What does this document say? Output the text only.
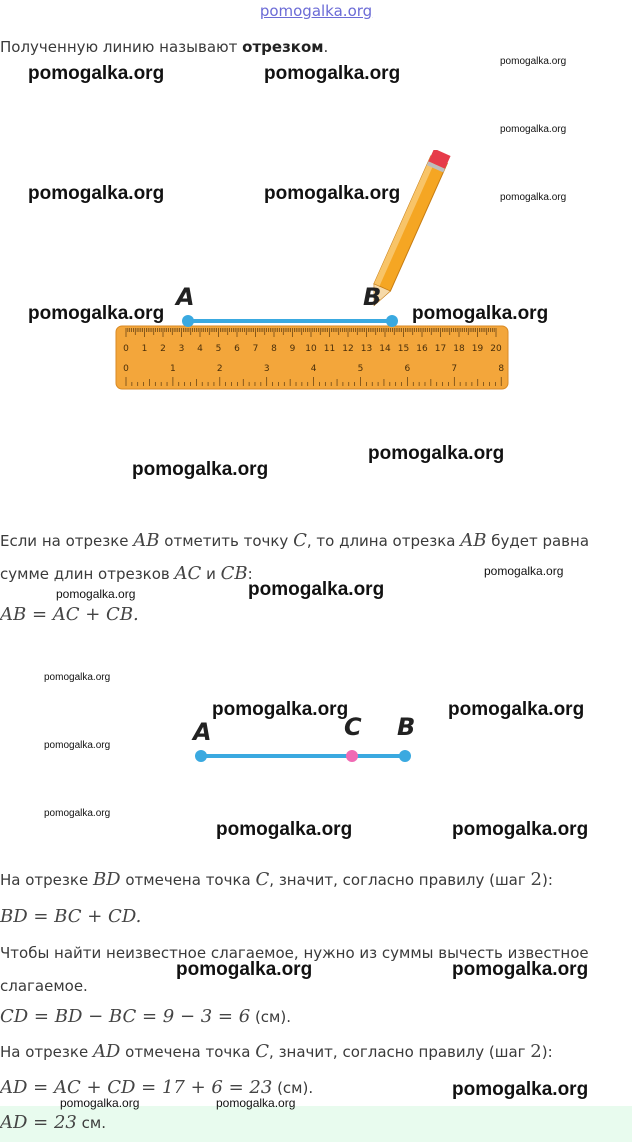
pomogalka.org
Полученную линию называют отрезком.
0 1 2 3 4 5 6 7 8 9 10 11 12 13 14 15 16 17 18 19 20
0	1	2	3	4	5	6	7	8
A	B
Если на отрезке AB отметить точку C, то длина отрезка AB будет равна
сумме длин отрезков AC и CB:
AB = AC + CB.
A	C B
На отрезке BD отмечена точка C, значит, согласно правилу (шаг 2):
BD = BC + CD.
Чтобы найти неизвестное слагаемое, нужно из суммы вычесть известное
слагаемое.
CD = BD − BC = 9 − 3 = 6 (см).
На отрезке AD отмечена точка C, значит, согласно правилу (шаг 2):
AD = AC + CD = 17 + 6 = 23 (см).
AD = 23 см.
pomogalka.org	pomogalka.org
pomogalka.org
pomogalka.org
pomogalka.org	pomogalka.org	pomogalka.org
pomogalka.org	pomogalka.org
pomogalka.org
pomogalka.org
pomogalka.org
pomogalka.org	pomogalka.org
pomogalka.org
pomogalka.org	pomogalka.org
pomogalka.org
pomogalka.org
pomogalka.org	pomogalka.org
pomogalka.org	pomogalka.org
pomogalka.org
pomogalka.org	pomogalka.org
